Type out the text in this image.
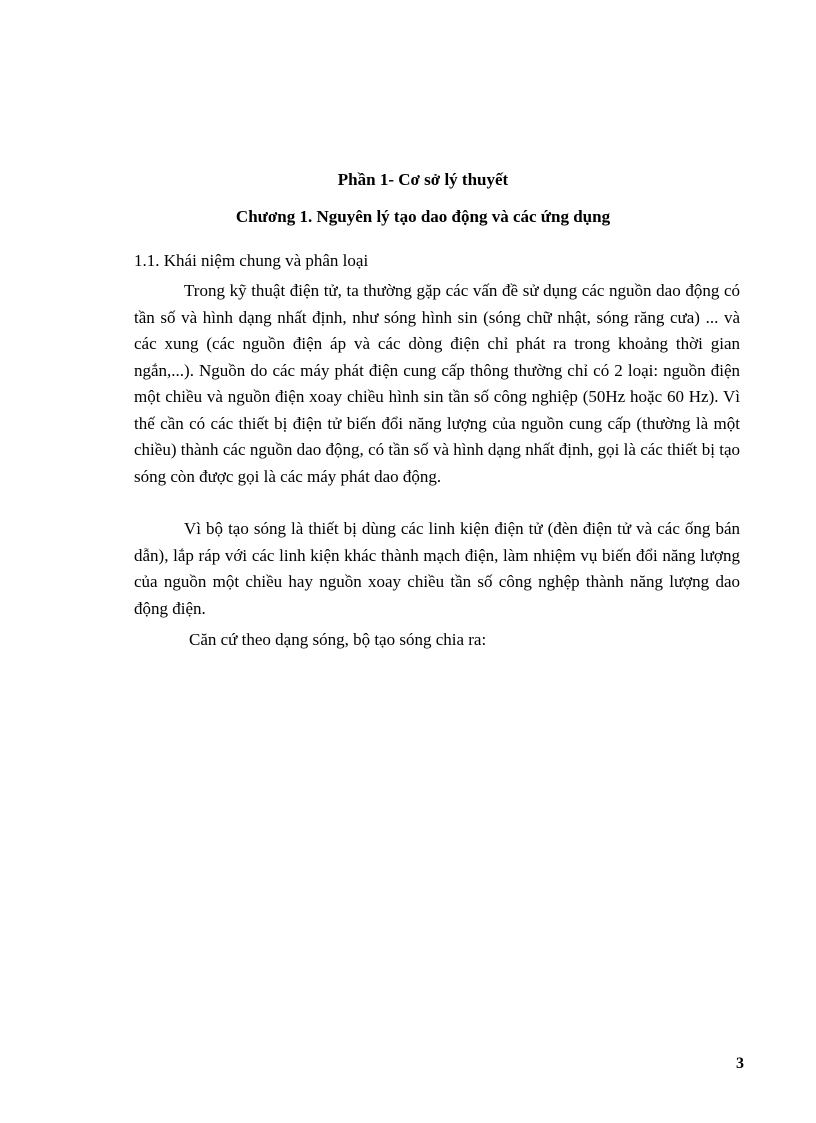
Phần 1- Cơ sở lý thuyết
Chương 1. Nguyên lý tạo dao động và các ứng dụng
1.1. Khái niệm chung và phân loại

Trong kỹ thuật điện tử, ta thường gặp các vấn đề sử dụng các nguồn dao động có tần số và hình dạng nhất định, như sóng hình sin (sóng chữ nhật, sóng răng cưa) ... và các xung (các nguồn điện áp và các dòng điện chỉ phát ra trong khoảng thời gian ngắn,...). Nguồn do các máy phát điện cung cấp thông thường chỉ có 2 loại: nguồn điện một chiều và nguồn điện xoay chiều hình sin tần số công nghiệp (50Hz hoặc 60 Hz). Vì thế cần có các thiết bị điện tử biến đổi năng lượng của nguồn cung cấp (thường là một chiều) thành các nguồn dao động, có tần số và hình dạng nhất định, gọi là các thiết bị tạo sóng còn được gọi là các máy phát dao động.

Vì bộ tạo sóng là thiết bị dùng các linh kiện điện tử (đèn điện tử và các ống bán dẫn), lắp ráp với các linh kiện khác thành mạch điện, làm nhiệm vụ biến đổi năng lượng của nguồn một chiều hay nguồn xoay chiều tần số công nghệp thành năng lượng dao động điện.

Căn cứ theo dạng sóng, bộ tạo sóng chia ra:

3
